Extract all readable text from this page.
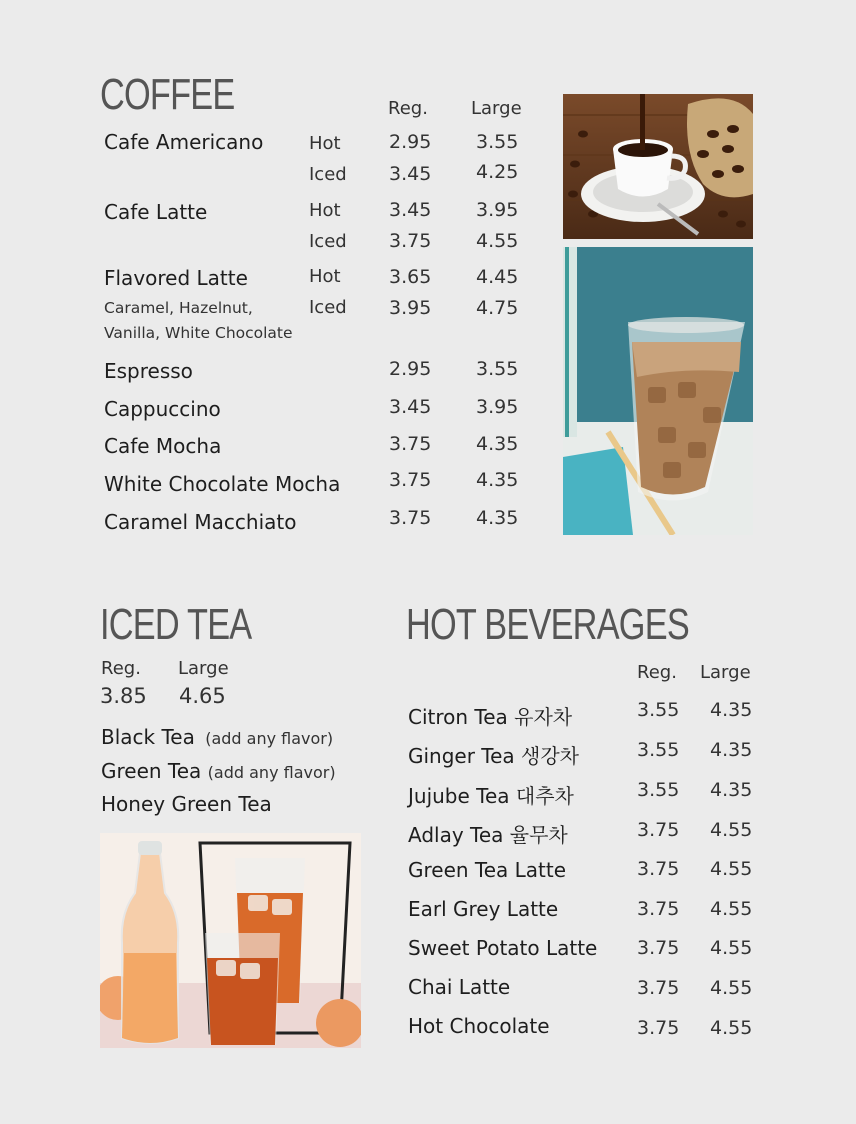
COFFEE	Reg. Large
Cafe Americano	Hot	2.95 3.55
Iced 3.45 4.25
Cafe Latte	Hot	3.45 3.95
Iced 3.75 4.55
Flavored Latte	Hot	3.65 4.45
Caramel, Hazelnut,	Iced 3.95 4.75
Vanilla, White Chocolate
Espresso	2.95 3.55
Cappuccino	3.45 3.95
Cafe Mocha	3.75 4.35
White Chocolate Mocha	3.75 4.35
Caramel Macchiato	3.75 4.35
ICED TEA
Reg. Large
3.85 4.65
Black Tea (add any flavor)
Green Tea (add any flavor)
Honey Green Tea
HOT BEVERAGES
Reg. Large
Citron Tea 유자차	3.55 4.35
Ginger Tea 생강차	3.55 4.35
Jujube Tea 대추차	3.55 4.35
Adlay Tea 율무차	3.75 4.55
Green Tea Latte	3.75 4.55
Earl Grey Latte	3.75 4.55
Sweet Potato Latte 3.75 4.55
Chai Latte	3.75 4.55
Hot Chocolate	3.75 4.55
